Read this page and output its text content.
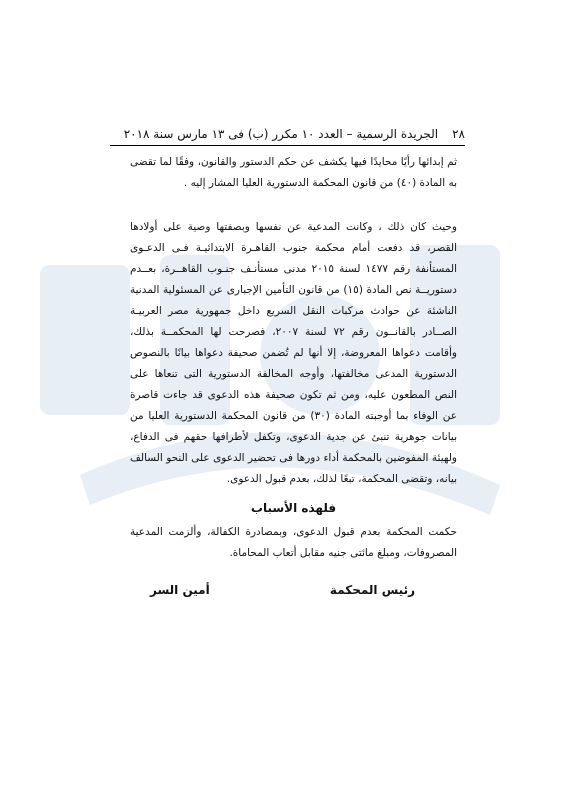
٢٨
الجريدة الرسمية – العدد ١٠ مكرر (ب) فى ١٣ مارس سنة ٢٠١٨

ثم إبدائها رأيًا محايدًا فيها يكشف عن حكم الدستور والقانون، وفقًا لما تقضى به المادة (٤٠) من قانون المحكمة الدستورية العليا المشار إليه .

وحيث كان ذلك ، وكانت المدعية عن نفسها وبصفتها وصية على أولادها القصر، قد دفعت أمام محكمة جنوب القاهـرة الابتدائيـة فـى الدعـوى المستأنفة رقم ١٤٧٧ لسنة ٢٠١٥ مدنى مستأنـف جنـوب القاهــرة، بعــدم دستوريــة نص المادة (١٥) من قانون التأمين الإجبارى عن المسئولية المدنية الناشئة عن حوادث مركبات النقل السريع داخل جمهورية مصر العربيـة الصــادر بالقانــون رقم ٧٢ لسنة ٢٠٠٧، فصرحت لها المحكمــة بذلك، وأقامت دعواها المعروضة، إلا أنها لم تُضمن صحيفة دعواها بيانًا بالنصوص الدستورية المدعى مخالفتها، وأوجه المخالفة الدستورية التى تنعاها على النص المطعون عليه، ومن ثم تكون صحيفة هذه الدعوى قد جاءت قاصرة عن الوفاء بما أوجبته المادة (٣٠) من قانون المحكمة الدستورية العليا من بيانات جوهرية تنبئ عن جدية الدعوى، وتكفل لأطرافها حقهم فى الدفاع، ولهيئة المفوضين بالمحكمة أداء دورها فى تحضير الدعوى على النحو السالف بيانه، وتقضى المحكمة، تبعًا لذلك، بعدم قبول الدعوى.

فلهذه الأسباب

حكمت المحكمة بعدم قبول الدعوى، وبمصادرة الكفالة، وألزمت المدعية المصروفات، ومبلغ مائتى جنيه مقابل أتعاب المحاماة.

رئيس المحكمة
أمين السر
